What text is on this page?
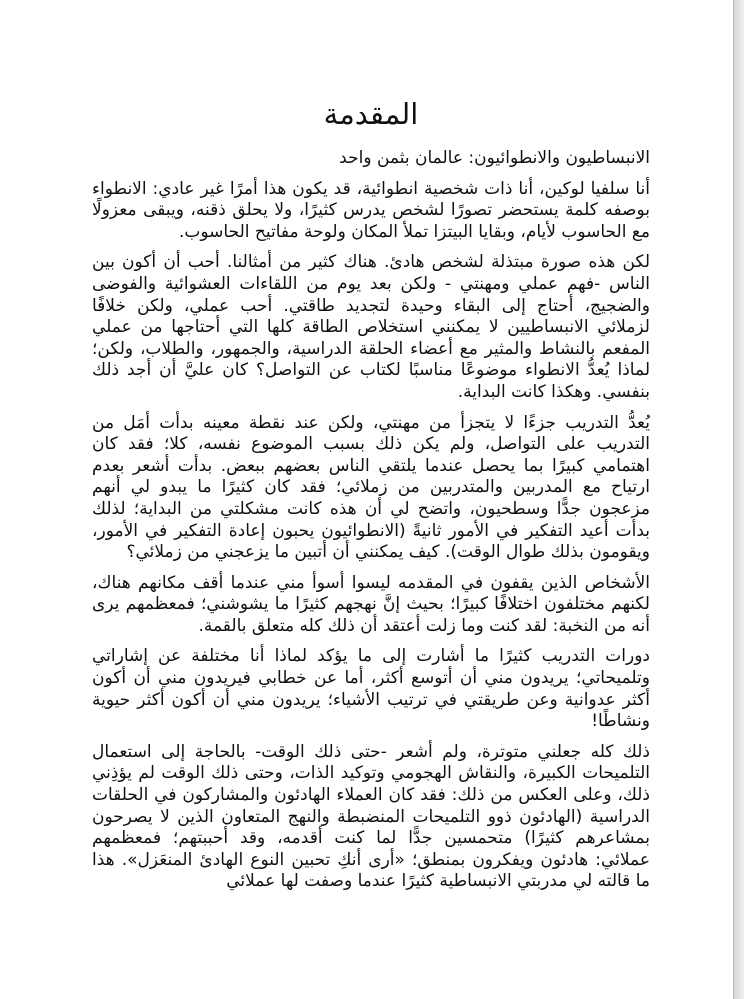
المقدمة

الانبساطيون والانطوائيون: عالمان بثمن واحد

أنا سلفيا لوكين، أنا ذات شخصية انطوائية، قد يكون هذا أمرًا غير عادي: الانطواء بوصفه كلمة يستحضر تصورًا لشخص يدرس كثيرًا، ولا يحلق ذقنه، ويبقى معزولًا مع الحاسوب لأيام، وبقايا البيتزا تملأ المكان ولوحة مفاتيح الحاسوب.

لكن هذه صورة مبتذلة لشخص هادئ. هناك كثير من أمثالنا. أحب أن أكون بين الناس -فهم عملي ومهنتي - ولكن بعد يوم من اللقاءات العشوائية والفوضى والضجيج، أحتاج إلى البقاء وحيدة لتجديد طاقتي. أحب عملي، ولكن خلافًا لزملائي الانبساطيين لا يمكنني استخلاص الطاقة كلها التي أحتاجها من عملي المفعم بالنشاط والمثير مع أعضاء الحلقة الدراسية، والجمهور، والطلاب، ولكن؛ لماذا يُعدُّ الانطواء موضوعًا مناسبًا لكتاب عن التواصل؟ كان عليَّ أن أجد ذلك بنفسي. وهكذا كانت البداية.

يُعدُّ التدريب جزءًا لا يتجزأ من مهنتي، ولكن عند نقطة معينه بدأت أمَل من التدريب على التواصل، ولم يكن ذلك بسبب الموضوع نفسه، كلا؛ فقد كان اهتمامي كبيرًا بما يحصل عندما يلتقي الناس بعضهم ببعض. بدأت أشعر بعدم ارتياح مع المدربين والمتدربين من زملائي؛ فقد كان كثيرًا ما يبدو لي أنهم مزعجون جدًّا وسطحيون، واتضح لي أن هذه كانت مشكلتي من البداية؛ لذلك بدأت أعيد التفكير في الأمور ثانيةً (الانطوائيون يحبون إعادة التفكير في الأمور، ويقومون بذلك طوال الوقت). كيف يمكنني أن أتبين ما يزعجني من زملائي؟

الأشخاص الذين يقفون في المقدمه ليسوا أسوأ مني عندما أقف مكانهم هناك، لكنهم مختلفون اختلافًا كبيرًا؛ بحيث إنَّ نهجهم كثيرًا ما يشوشني؛ فمعظمهم يرى أنه من النخبة: لقد كنت وما زلت أعتقد أن ذلك كله متعلق بالقمة.

دورات التدريب كثيرًا ما أشارت إلى ما يؤكد لماذا أنا مختلفة عن إشاراتي وتلميحاتي؛ يريدون مني أن أتوسع أكثر، أما عن خطابي فيريدون مني أن أكون أكثر عدوانية وعن طريقتي في ترتيب الأشياء؛ يريدون مني أن أكون أكثر حيوية ونشاطًا!

ذلك كله جعلني متوترة، ولم أشعر -حتى ذلك الوقت- بالحاجة إلى استعمال التلميحات الكبيرة، والنقاش الهجومي وتوكيد الذات، وحتى ذلك الوقت لم يؤذِني ذلك، وعلى العكس من ذلك: فقد كان العملاء الهادئون والمشاركون في الحلقات الدراسية (الهادئون ذوو التلميحات المنضبطة والنهج المتعاون الذين لا يصرحون بمشاعرهم كثيرًا) متحمسين جدًّا لما كنت أقدمه، وقد أحببتهم؛ فمعظمهم عملائي: هادئون ويفكرون بمنطق؛ «أرى أنكِ تحبين النوع الهادئ المنعَزل». هذا ما قالته لي مدربتي الانبساطية كثيرًا عندما وصفت لها عملائي
